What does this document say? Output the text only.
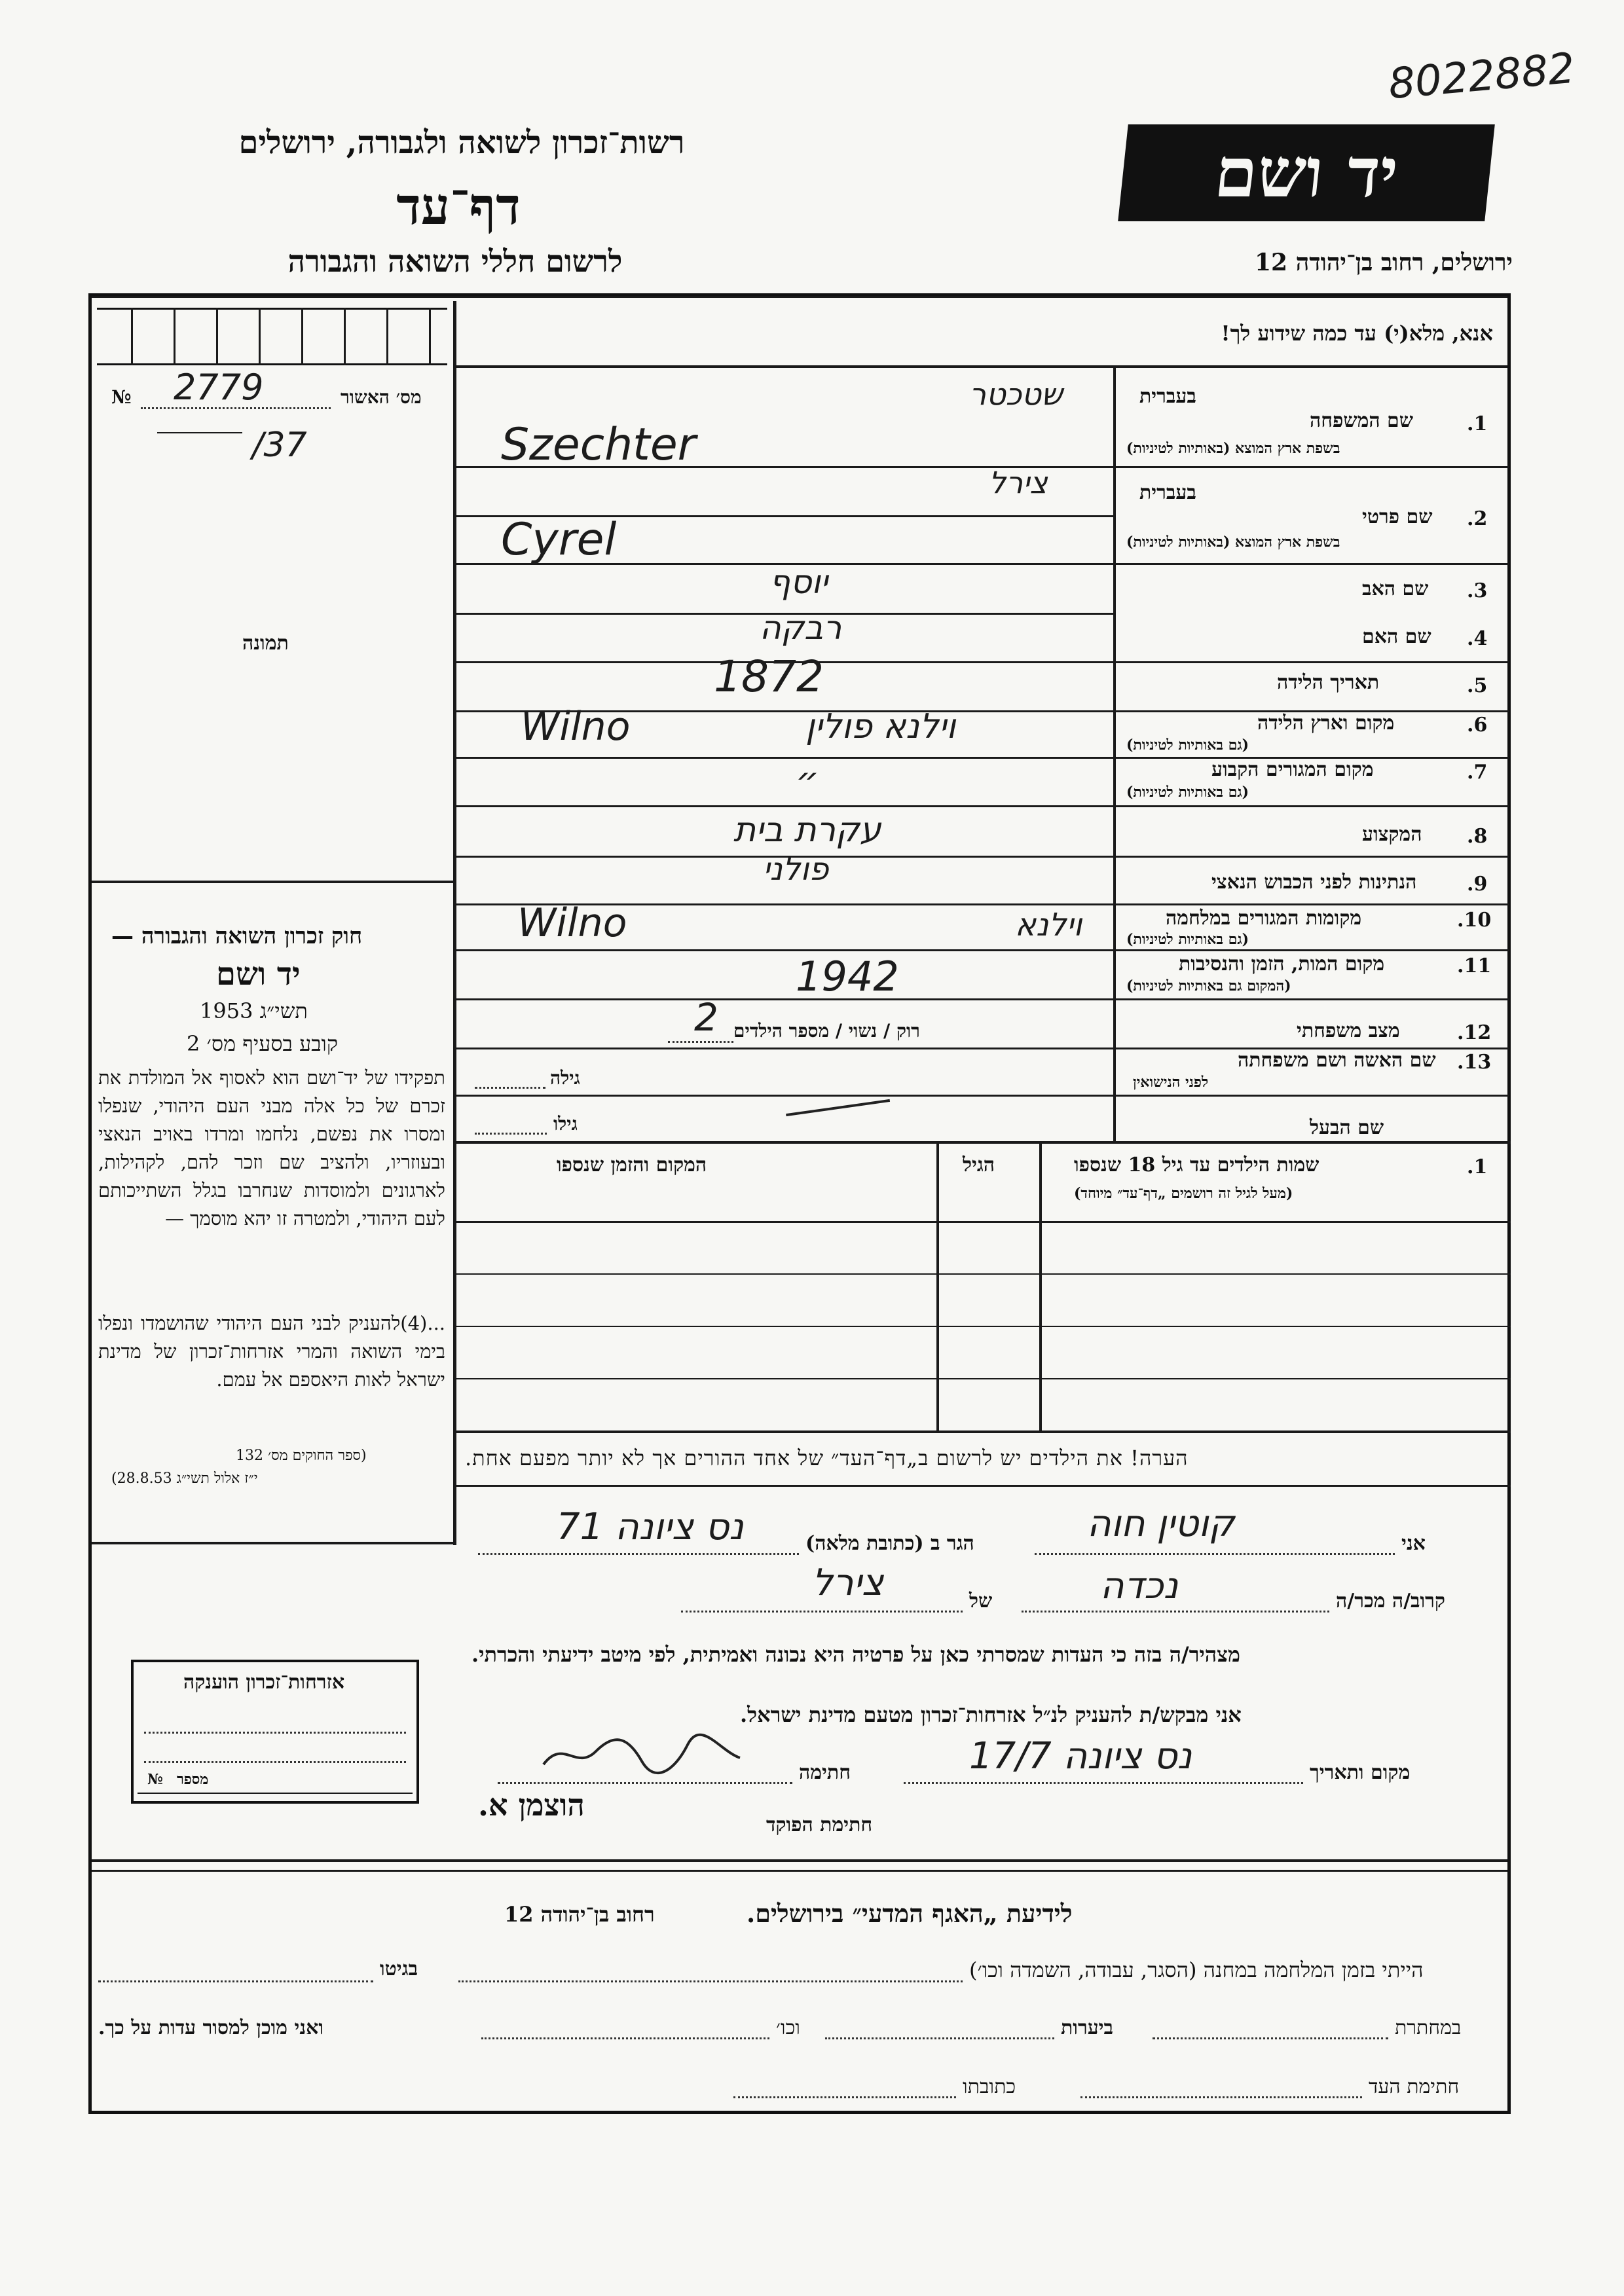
8022882
רשות־זכרון לשואה ולגבורה, ירושלים
דף־עד
לרשום חללי השואה והגבורה
יד ושם
ירושלים, רחוב בן־יהודה 12
אנא, מלא(י) עד כמה שידוע לך!
מס׳ האשור
№ 2779
/37
תמונה
בעברית
1.
שם המשפחה
בשפת ארץ המוצא (באותיות לטיניות)
שטכטר
Szechter
בעברית
2.
שם פרטי
בשפת ארץ המוצא (באותיות לטיניות)
צירל
Cyrel
3.
שם האב
יוסף
4.
שם האם
רבקה
5.
תאריך הלידה
1872
6.
מקום וארץ הלידה
(גם באותיות לטיניות)
Wilno	וילנא פולין
7.
מקום המגורים הקבוע
(גם באותיות לטיניות)
״
8.
המקצוע
עקרת בית
9.
הנתינות לפני הכבוש הנאצי
פולני
10.
מקומות המגורים במלחמה
(גם באותיות לטיניות)
Wilno	וילנא
11.
מקום המות, הזמן והנסיבות
(המקום גם באותיות לטיניות)
1942
12.
מצב משפחתי
רוק / נשוי / מספר הילדים
2
13.
שם האשה ושם משפחתה
לפני הנישואין
גילה
שם הבעל
גילו
1.
שמות הילדים עד גיל 18 שנספו
(מעל לגיל זה רושמים „דף־עד״ מיוחד)
הגיל
המקום והזמן שנספו
חוק זכרון השואה והגבורה —
יד ושם
תשי״ג 1953
קובע בסעיף מס׳ 2
תפקידו של יד־ושם הוא לאסוף אל המולדת את זכרם של כל אלה מבני העם היהודי, שנפלו ומסרו את נפשם, נלחמו ומרדו באויב הנאצי ובעוזריו, ולהציב שם וזכר להם, לקהילות, לארגונים ולמוסדות שנחרבו בגלל השתייכותם לעם היהודי, ולמטרה זו יהא מוסמך —
...(4)להעניק לבני העם היהודי שהושמדו ונפלו בימי השואה והמרי אזרחות־זכרון של מדינת ישראל לאות היאספם אל עמם.
(ספר החוקים מס׳ 132
י״ז אלול תשי״ג 28.8.53)
הערה! את הילדים יש לרשום ב„דף־העד״ של אחד ההורים אך לא יותר מפעם אחת.
אני
קוטין חוה
הגר ב (כתובת מלאה)
נס ציונה 71
קרוב/ה מכר/ה
נכדה
של
צירל
מצהיר/ה בזה כי העדות שמסרתי כאן על פרטיה היא נכונה ואמיתית, לפי מיטב ידיעתי והכרתי.
אני מבקש/ת להעניק לנ״ל אזרחות־זכרון מטעם מדינת ישראל.
מקום ותאריך
נס ציונה 17/7
חתימה
חתימת הפוקד
הוצמן א.
אזרחות־זכרון הוענקה
מספר
№
לידיעת „האגף המדעי״ בירושלים.
רחוב בן־יהודה 12
הייתי בזמן המלחמה במחנה (הסגר, עבודה, השמדה וכו׳)
בגיטו
במחתרת
ביערות
וכו׳
ואני מוכן למסור עדות על כך.
חתימת העד
כתובתו
